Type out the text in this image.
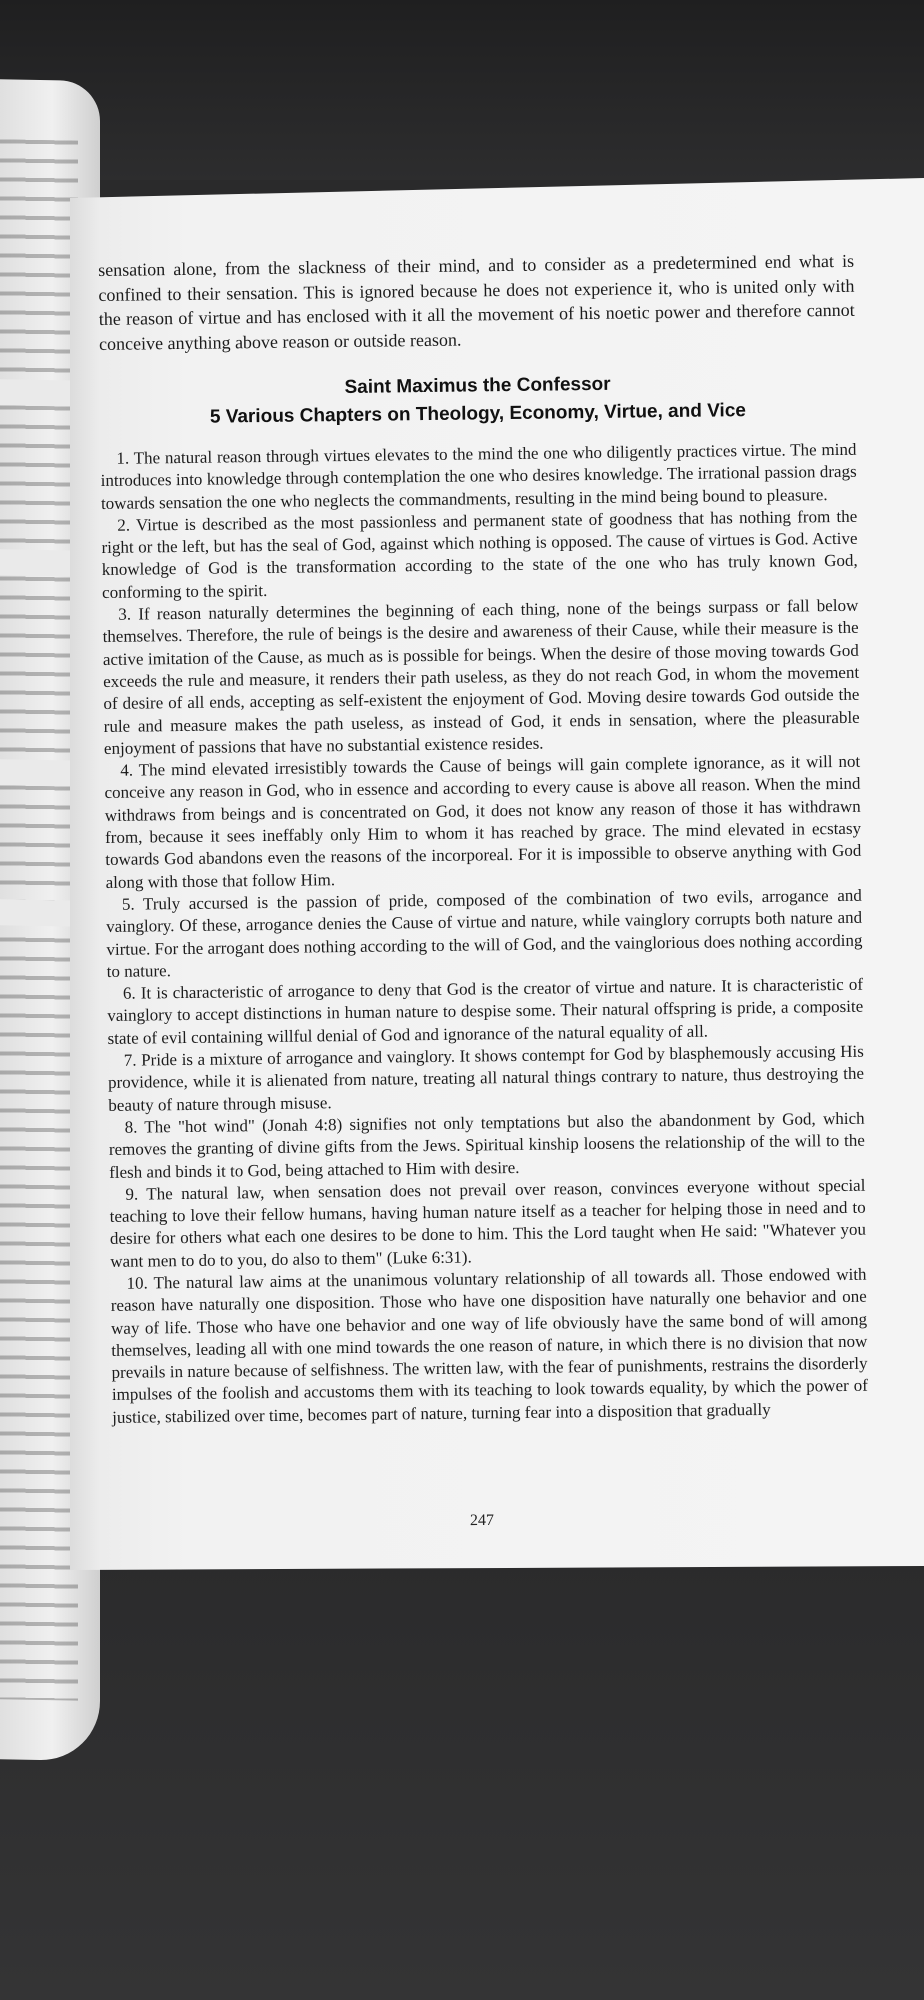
sensation alone, from the slackness of their mind, and to consider as a predetermined end what is confined to their sensation. This is ignored because he does not experience it, who is united only with the reason of virtue and has enclosed with it all the movement of his noetic power and therefore cannot conceive anything above reason or outside reason.

Saint Maximus the Confessor
5 Various Chapters on Theology, Economy, Virtue, and Vice

1. The natural reason through virtues elevates to the mind the one who diligently practices virtue. The mind introduces into knowledge through contemplation the one who desires knowledge. The irrational passion drags towards sensation the one who neglects the commandments, resulting in the mind being bound to pleasure.

2. Virtue is described as the most passionless and permanent state of goodness that has nothing from the right or the left, but has the seal of God, against which nothing is opposed. The cause of virtues is God. Active knowledge of God is the transformation according to the state of the one who has truly known God, conforming to the spirit.

3. If reason naturally determines the beginning of each thing, none of the beings surpass or fall below themselves. Therefore, the rule of beings is the desire and awareness of their Cause, while their measure is the active imitation of the Cause, as much as is possible for beings. When the desire of those moving towards God exceeds the rule and measure, it renders their path useless, as they do not reach God, in whom the movement of desire of all ends, accepting as self-existent the enjoyment of God. Moving desire towards God outside the rule and measure makes the path useless, as instead of God, it ends in sensation, where the pleasurable enjoyment of passions that have no substantial existence resides.

4. The mind elevated irresistibly towards the Cause of beings will gain complete ignorance, as it will not conceive any reason in God, who in essence and according to every cause is above all reason. When the mind withdraws from beings and is concentrated on God, it does not know any reason of those it has withdrawn from, because it sees ineffably only Him to whom it has reached by grace. The mind elevated in ecstasy towards God abandons even the reasons of the incorporeal. For it is impossible to observe anything with God along with those that follow Him.

5. Truly accursed is the passion of pride, composed of the combination of two evils, arrogance and vainglory. Of these, arrogance denies the Cause of virtue and nature, while vainglory corrupts both nature and virtue. For the arrogant does nothing according to the will of God, and the vainglorious does nothing according to nature.

6. It is characteristic of arrogance to deny that God is the creator of virtue and nature. It is characteristic of vainglory to accept distinctions in human nature to despise some. Their natural offspring is pride, a composite state of evil containing willful denial of God and ignorance of the natural equality of all.

7. Pride is a mixture of arrogance and vainglory. It shows contempt for God by blasphemously accusing His providence, while it is alienated from nature, treating all natural things contrary to nature, thus destroying the beauty of nature through misuse.

8. The "hot wind" (Jonah 4:8) signifies not only temptations but also the abandonment by God, which removes the granting of divine gifts from the Jews. Spiritual kinship loosens the relationship of the will to the flesh and binds it to God, being attached to Him with desire.

9. The natural law, when sensation does not prevail over reason, convinces everyone without special teaching to love their fellow humans, having human nature itself as a teacher for helping those in need and to desire for others what each one desires to be done to him. This the Lord taught when He said: "Whatever you want men to do to you, do also to them" (Luke 6:31).

10. The natural law aims at the unanimous voluntary relationship of all towards all. Those endowed with reason have naturally one disposition. Those who have one disposition have naturally one behavior and one way of life. Those who have one behavior and one way of life obviously have the same bond of will among themselves, leading all with one mind towards the one reason of nature, in which there is no division that now prevails in nature because of selfishness. The written law, with the fear of punishments, restrains the disorderly impulses of the foolish and accustoms them with its teaching to look towards equality, by which the power of justice, stabilized over time, becomes part of nature, turning fear into a disposition that gradually

247
